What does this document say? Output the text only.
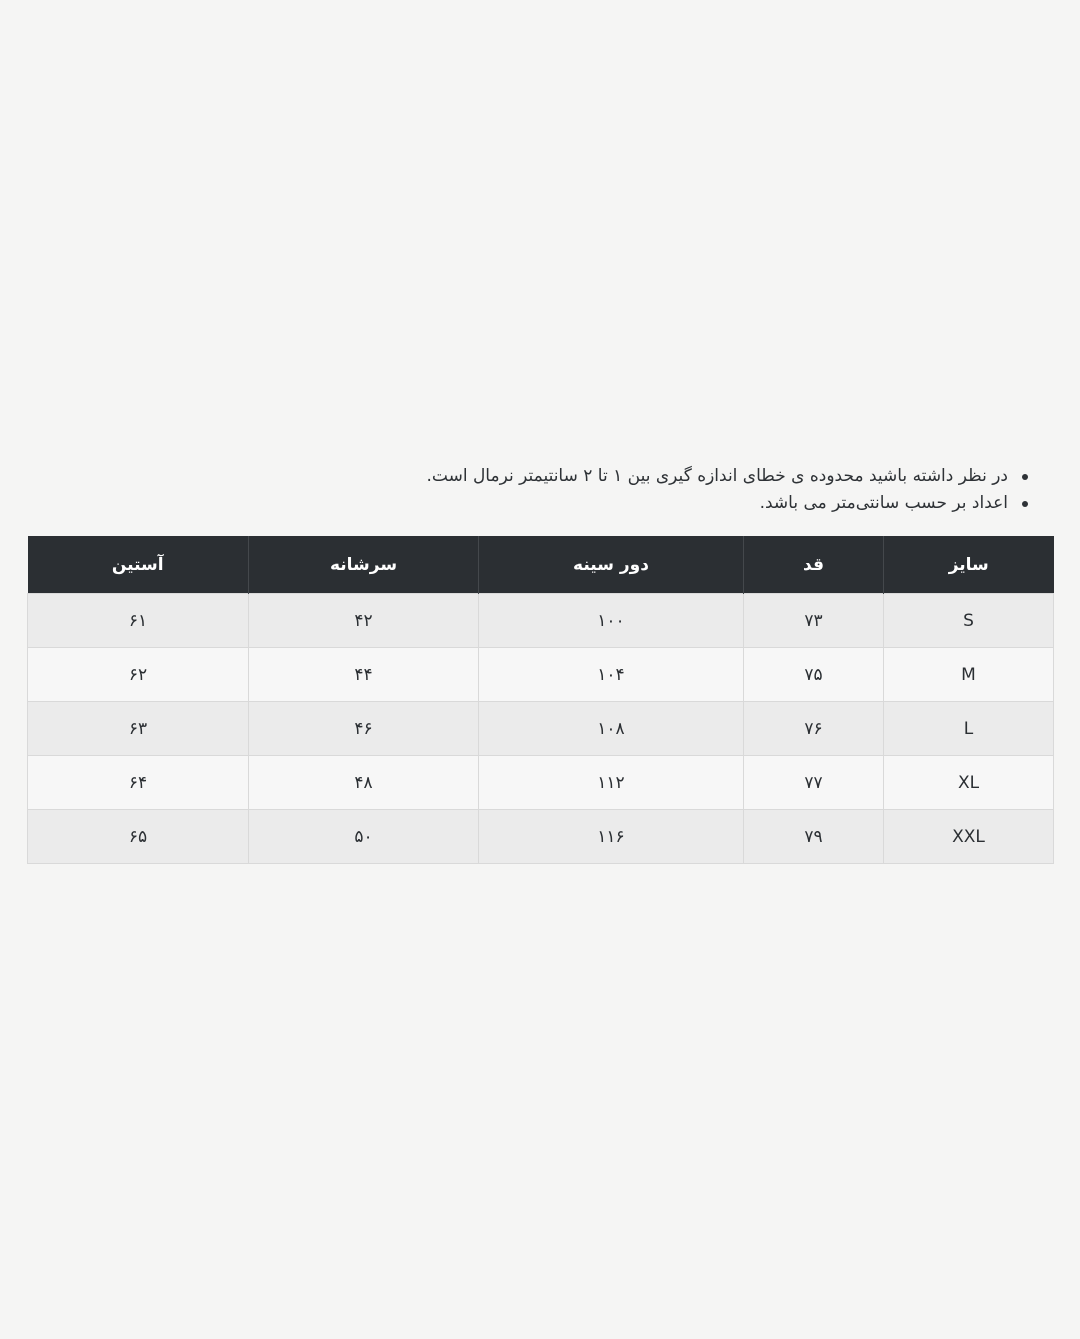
در نظر داشته باشید محدوده ی خطای اندازه گیری بین ۱ تا ۲ سانتیمتر نرمال است.
اعداد بر حسب سانتی‌متر می باشد.
سایز	قد	دور سینه	سرشانه	آستین
S	۷۳	۱۰۰	۴۲	۶۱
M	۷۵	۱۰۴	۴۴	۶۲
L	۷۶	۱۰۸	۴۶	۶۳
XL	۷۷	۱۱۲	۴۸	۶۴
XXL	۷۹	۱۱۶	۵۰	۶۵
